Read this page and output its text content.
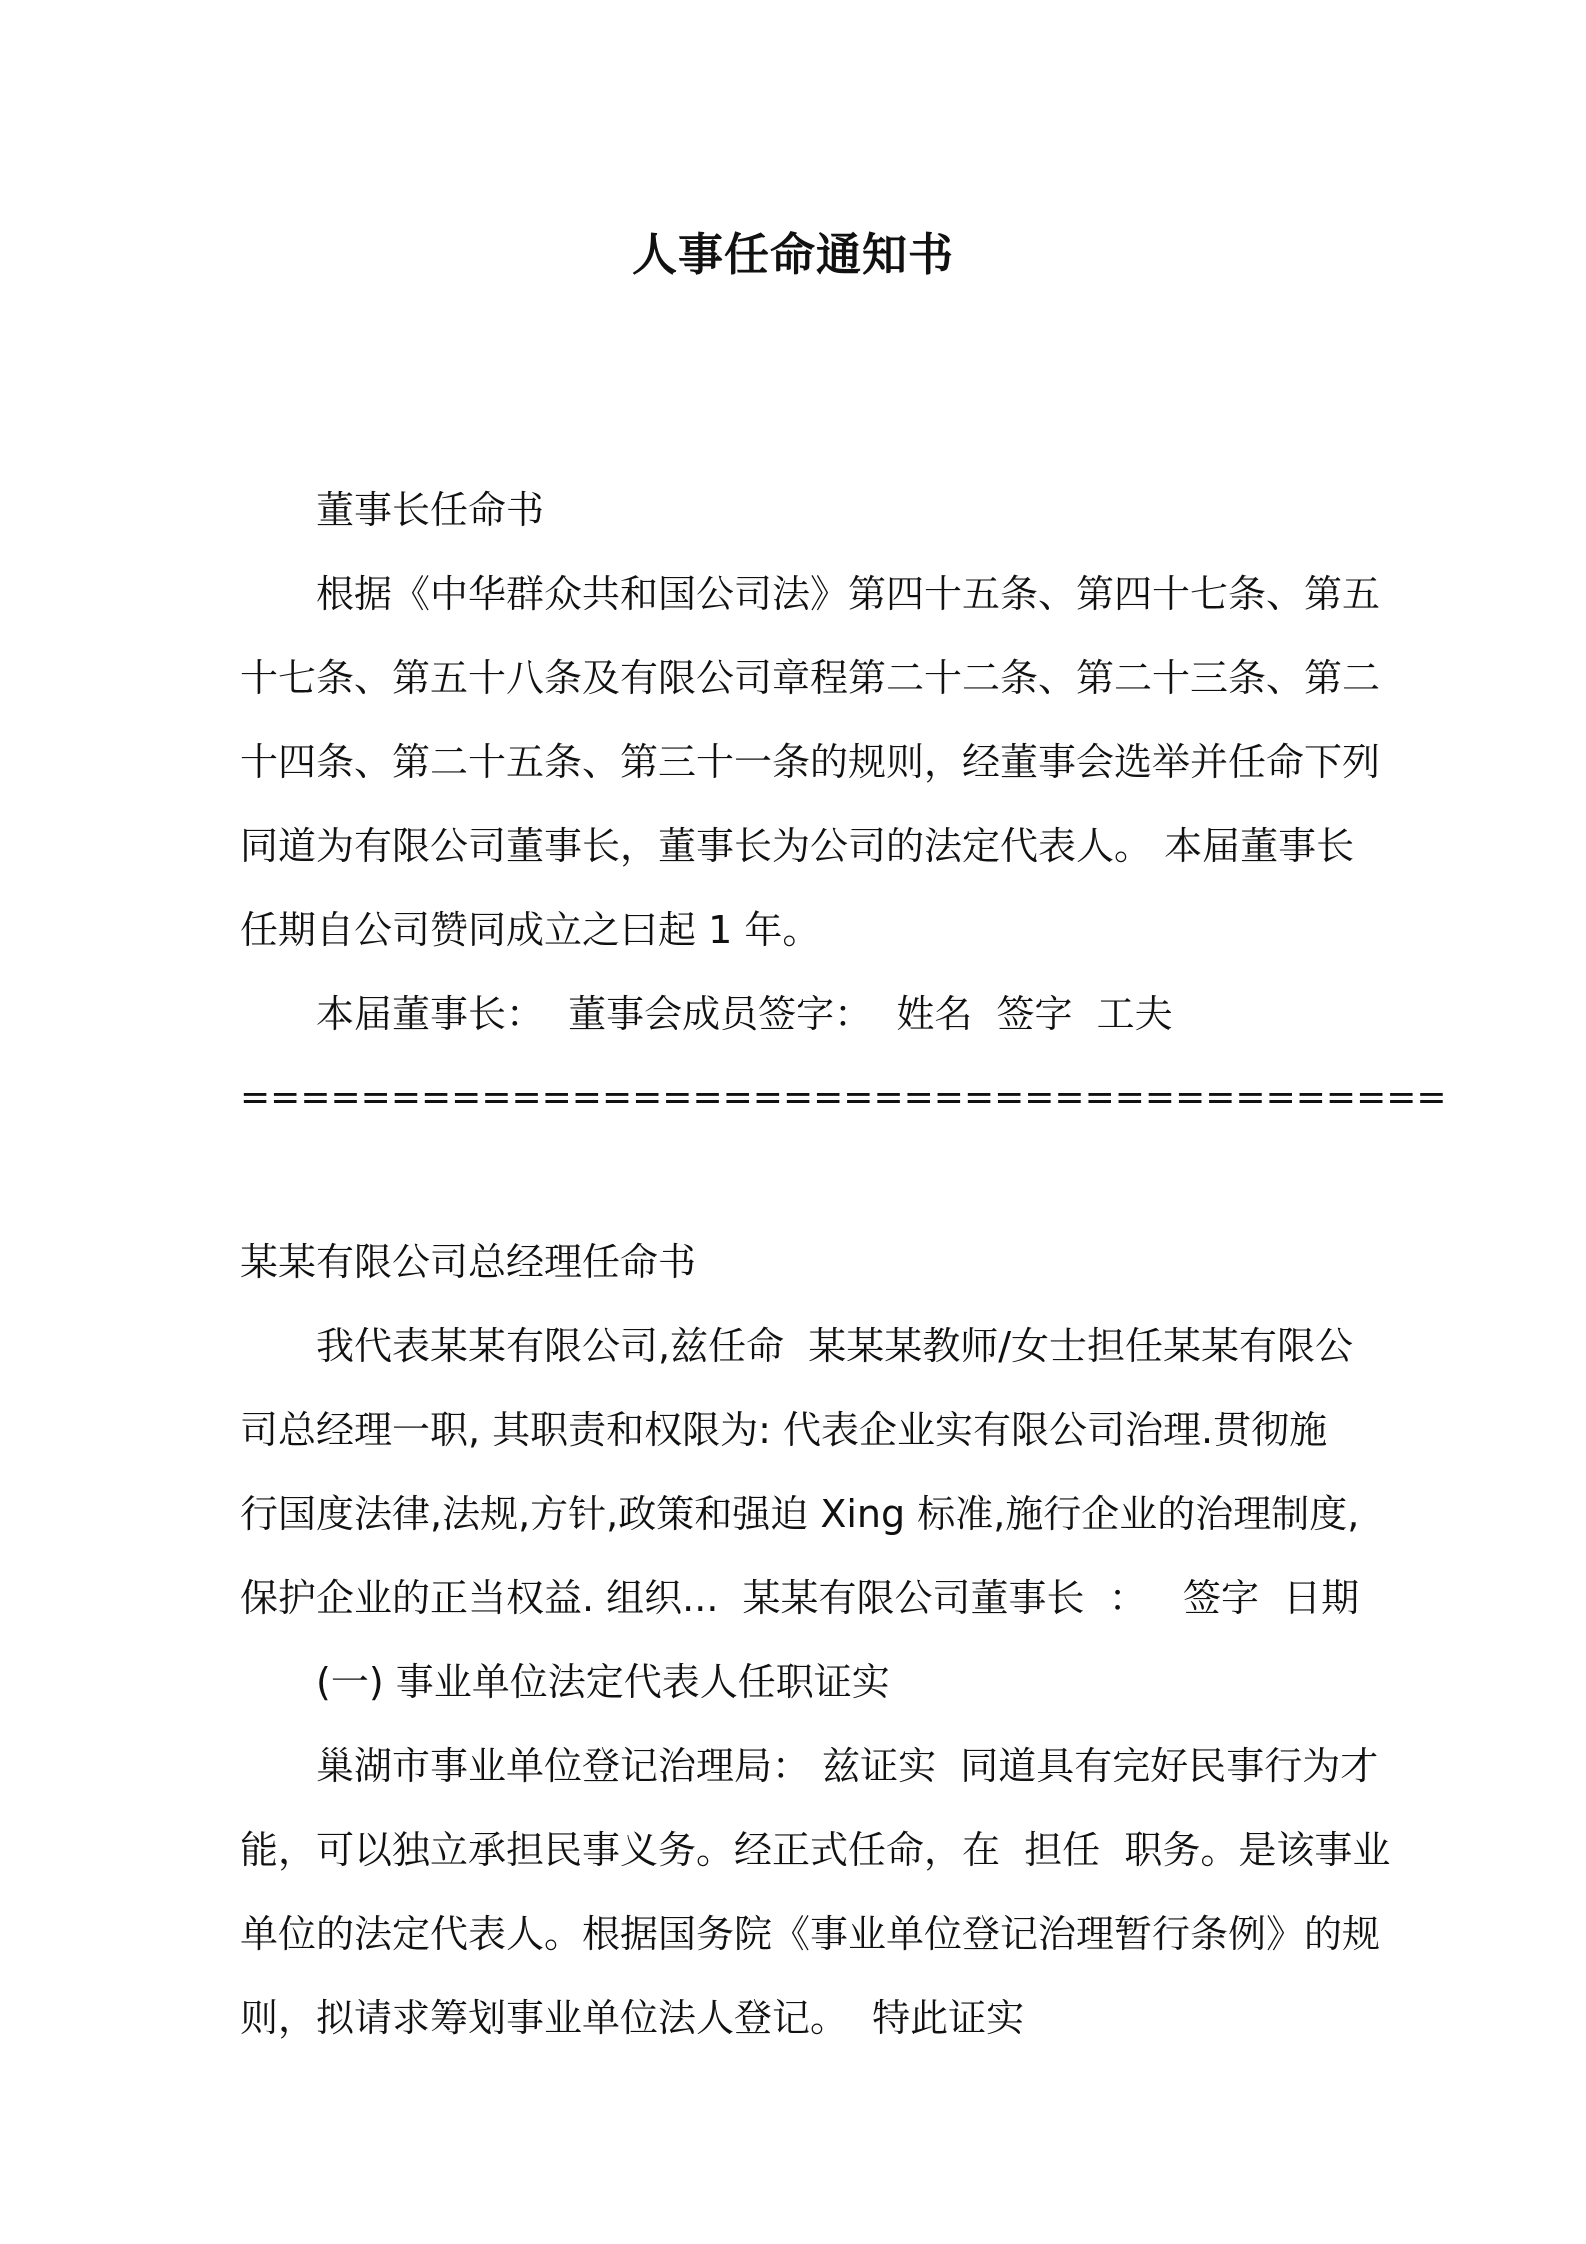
人事任命通知书
董事长任命书
根据《中华群众共和国公司法》第四十五条、第四十七条、第五
十七条、第五十八条及有限公司章程第二十二条、第二十三条、第二
十四条、第二十五条、第三十一条的规则，经董事会选举并任命下列
同道为有限公司董事长，董事长为公司的法定代表人。 本届董事长
任期自公司赞同成立之曰起 1 年。
本届董事长：  董事会成员签字：  姓名  签字  工夫
========================================
某某有限公司总经理任命书
我代表某某有限公司,兹任命  某某某教师/女士担任某某有限公
司总经理一职, 其职责和权限为: 代表企业实有限公司治理.贯彻施
行国度法律,法规,方针,政策和强迫 Xing 标准,施行企业的治理制度,
保护企业的正当权益. 组织...  某某有限公司董事长  ：   签字  日期
(一) 事业单位法定代表人任职证实
巢湖市事业单位登记治理局： 兹证实  同道具有完好民事行为才
能，可以独立承担民事义务。经正式任命，在  担任  职务。是该事业
单位的法定代表人。根据国务院《事业单位登记治理暂行条例》的规
则，拟请求筹划事业单位法人登记。  特此证实
